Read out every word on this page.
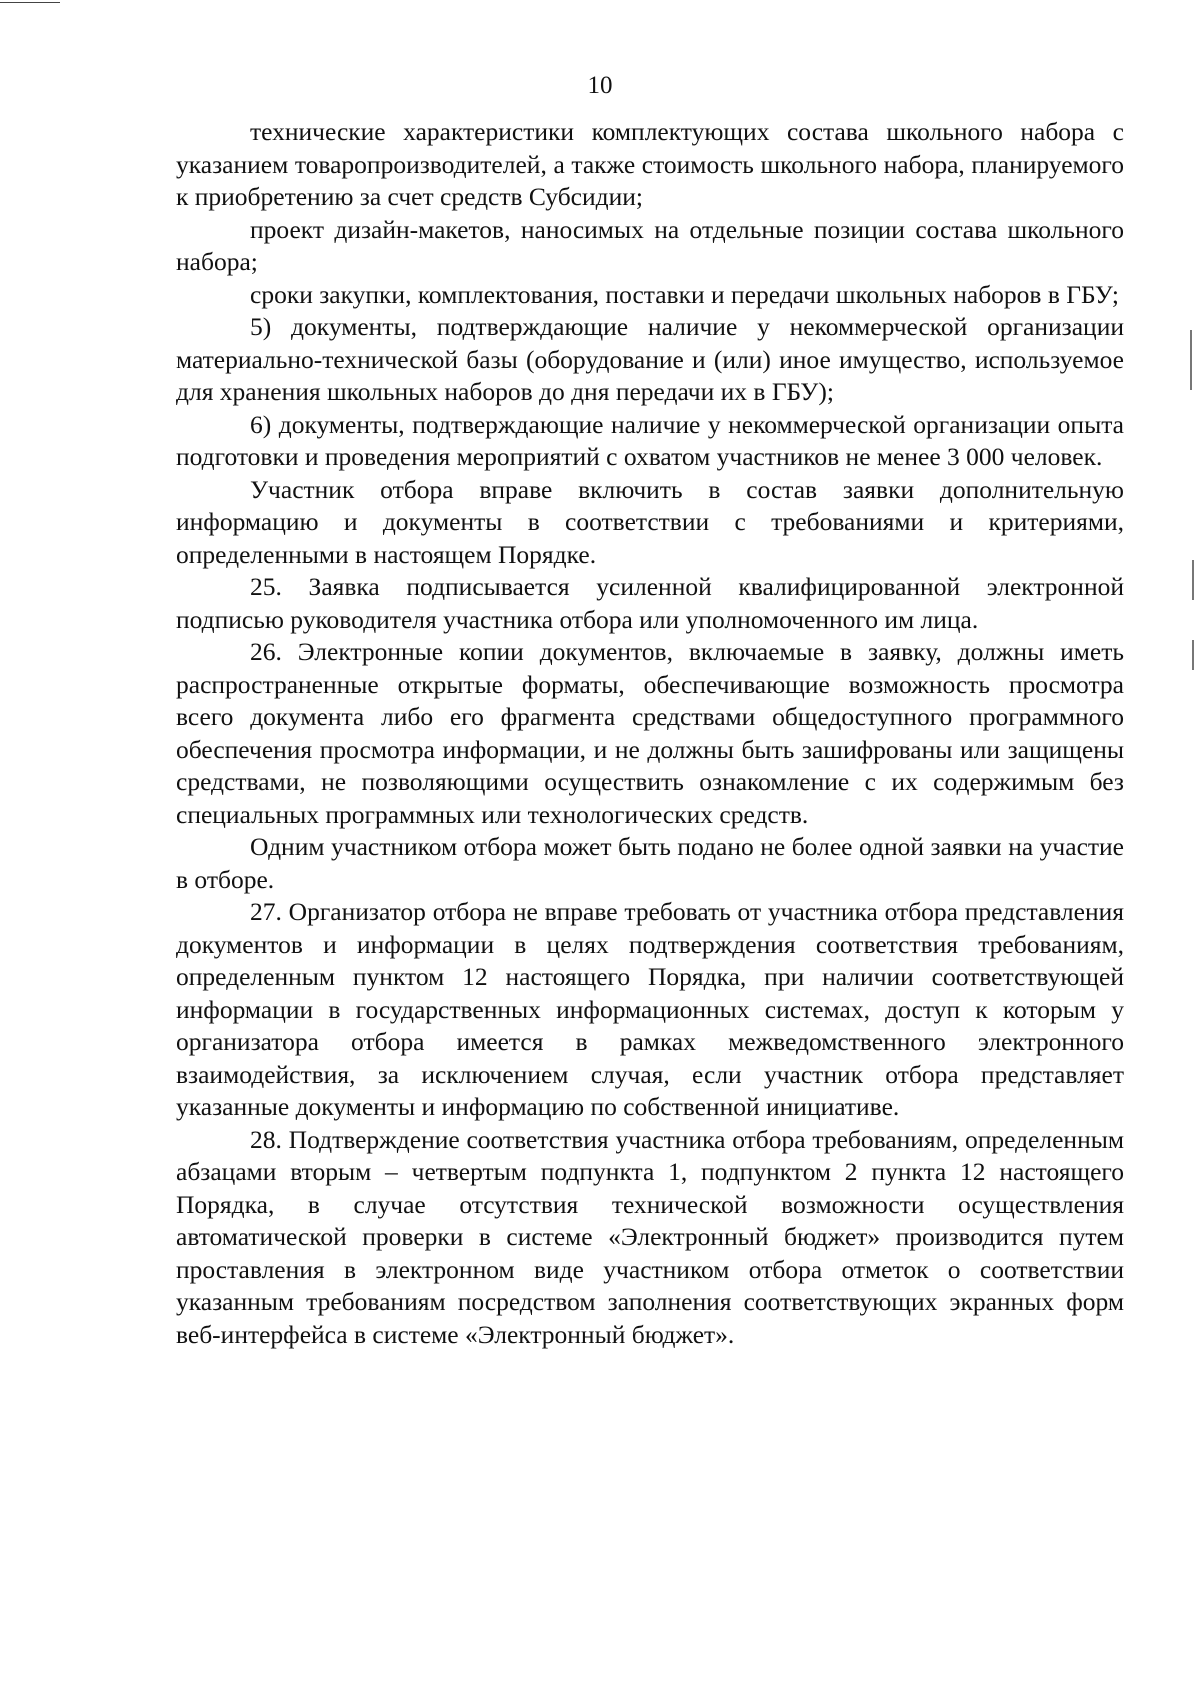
10

технические характеристики комплектующих состава школьного набора с указанием товаропроизводителей, а также стоимость школьного набора, планируемого к приобретению за счет средств Субсидии;

проект дизайн-макетов, наносимых на отдельные позиции состава школьного набора;

сроки закупки, комплектования, поставки и передачи школьных наборов в ГБУ;

5) документы, подтверждающие наличие у некоммерческой организации материально-технической базы (оборудование и (или) иное имущество, используемое для хранения школьных наборов до дня передачи их в ГБУ);

6) документы, подтверждающие наличие у некоммерческой организации опыта подготовки и проведения мероприятий с охватом участников не менее 3 000 человек.

Участник отбора вправе включить в состав заявки дополнительную информацию и документы в соответствии с требованиями и критериями, определенными в настоящем Порядке.

25. Заявка подписывается усиленной квалифицированной электронной подписью руководителя участника отбора или уполномоченного им лица.

26. Электронные копии документов, включаемые в заявку, должны иметь распространенные открытые форматы, обеспечивающие возможность просмотра всего документа либо его фрагмента средствами общедоступного программного обеспечения просмотра информации, и не должны быть зашифрованы или защищены средствами, не позволяющими осуществить ознакомление с их содержимым без специальных программных или технологических средств.

Одним участником отбора может быть подано не более одной заявки на участие в отборе.

27. Организатор отбора не вправе требовать от участника отбора представления документов и информации в целях подтверждения соответствия требованиям, определенным пунктом 12 настоящего Порядка, при наличии соответствующей информации в государственных информационных системах, доступ к которым у организатора отбора имеется в рамках межведомственного электронного взаимодействия, за исключением случая, если участник отбора представляет указанные документы и информацию по собственной инициативе.

28. Подтверждение соответствия участника отбора требованиям, определенным абзацами вторым – четвертым подпункта 1, подпунктом 2 пункта 12 настоящего Порядка, в случае отсутствия технической возможности осуществления автоматической проверки в системе «Электронный бюджет» производится путем проставления в электронном виде участником отбора отметок о соответствии указанным требованиям посредством заполнения соответствующих экранных форм веб-интерфейса в системе «Электронный бюджет».
